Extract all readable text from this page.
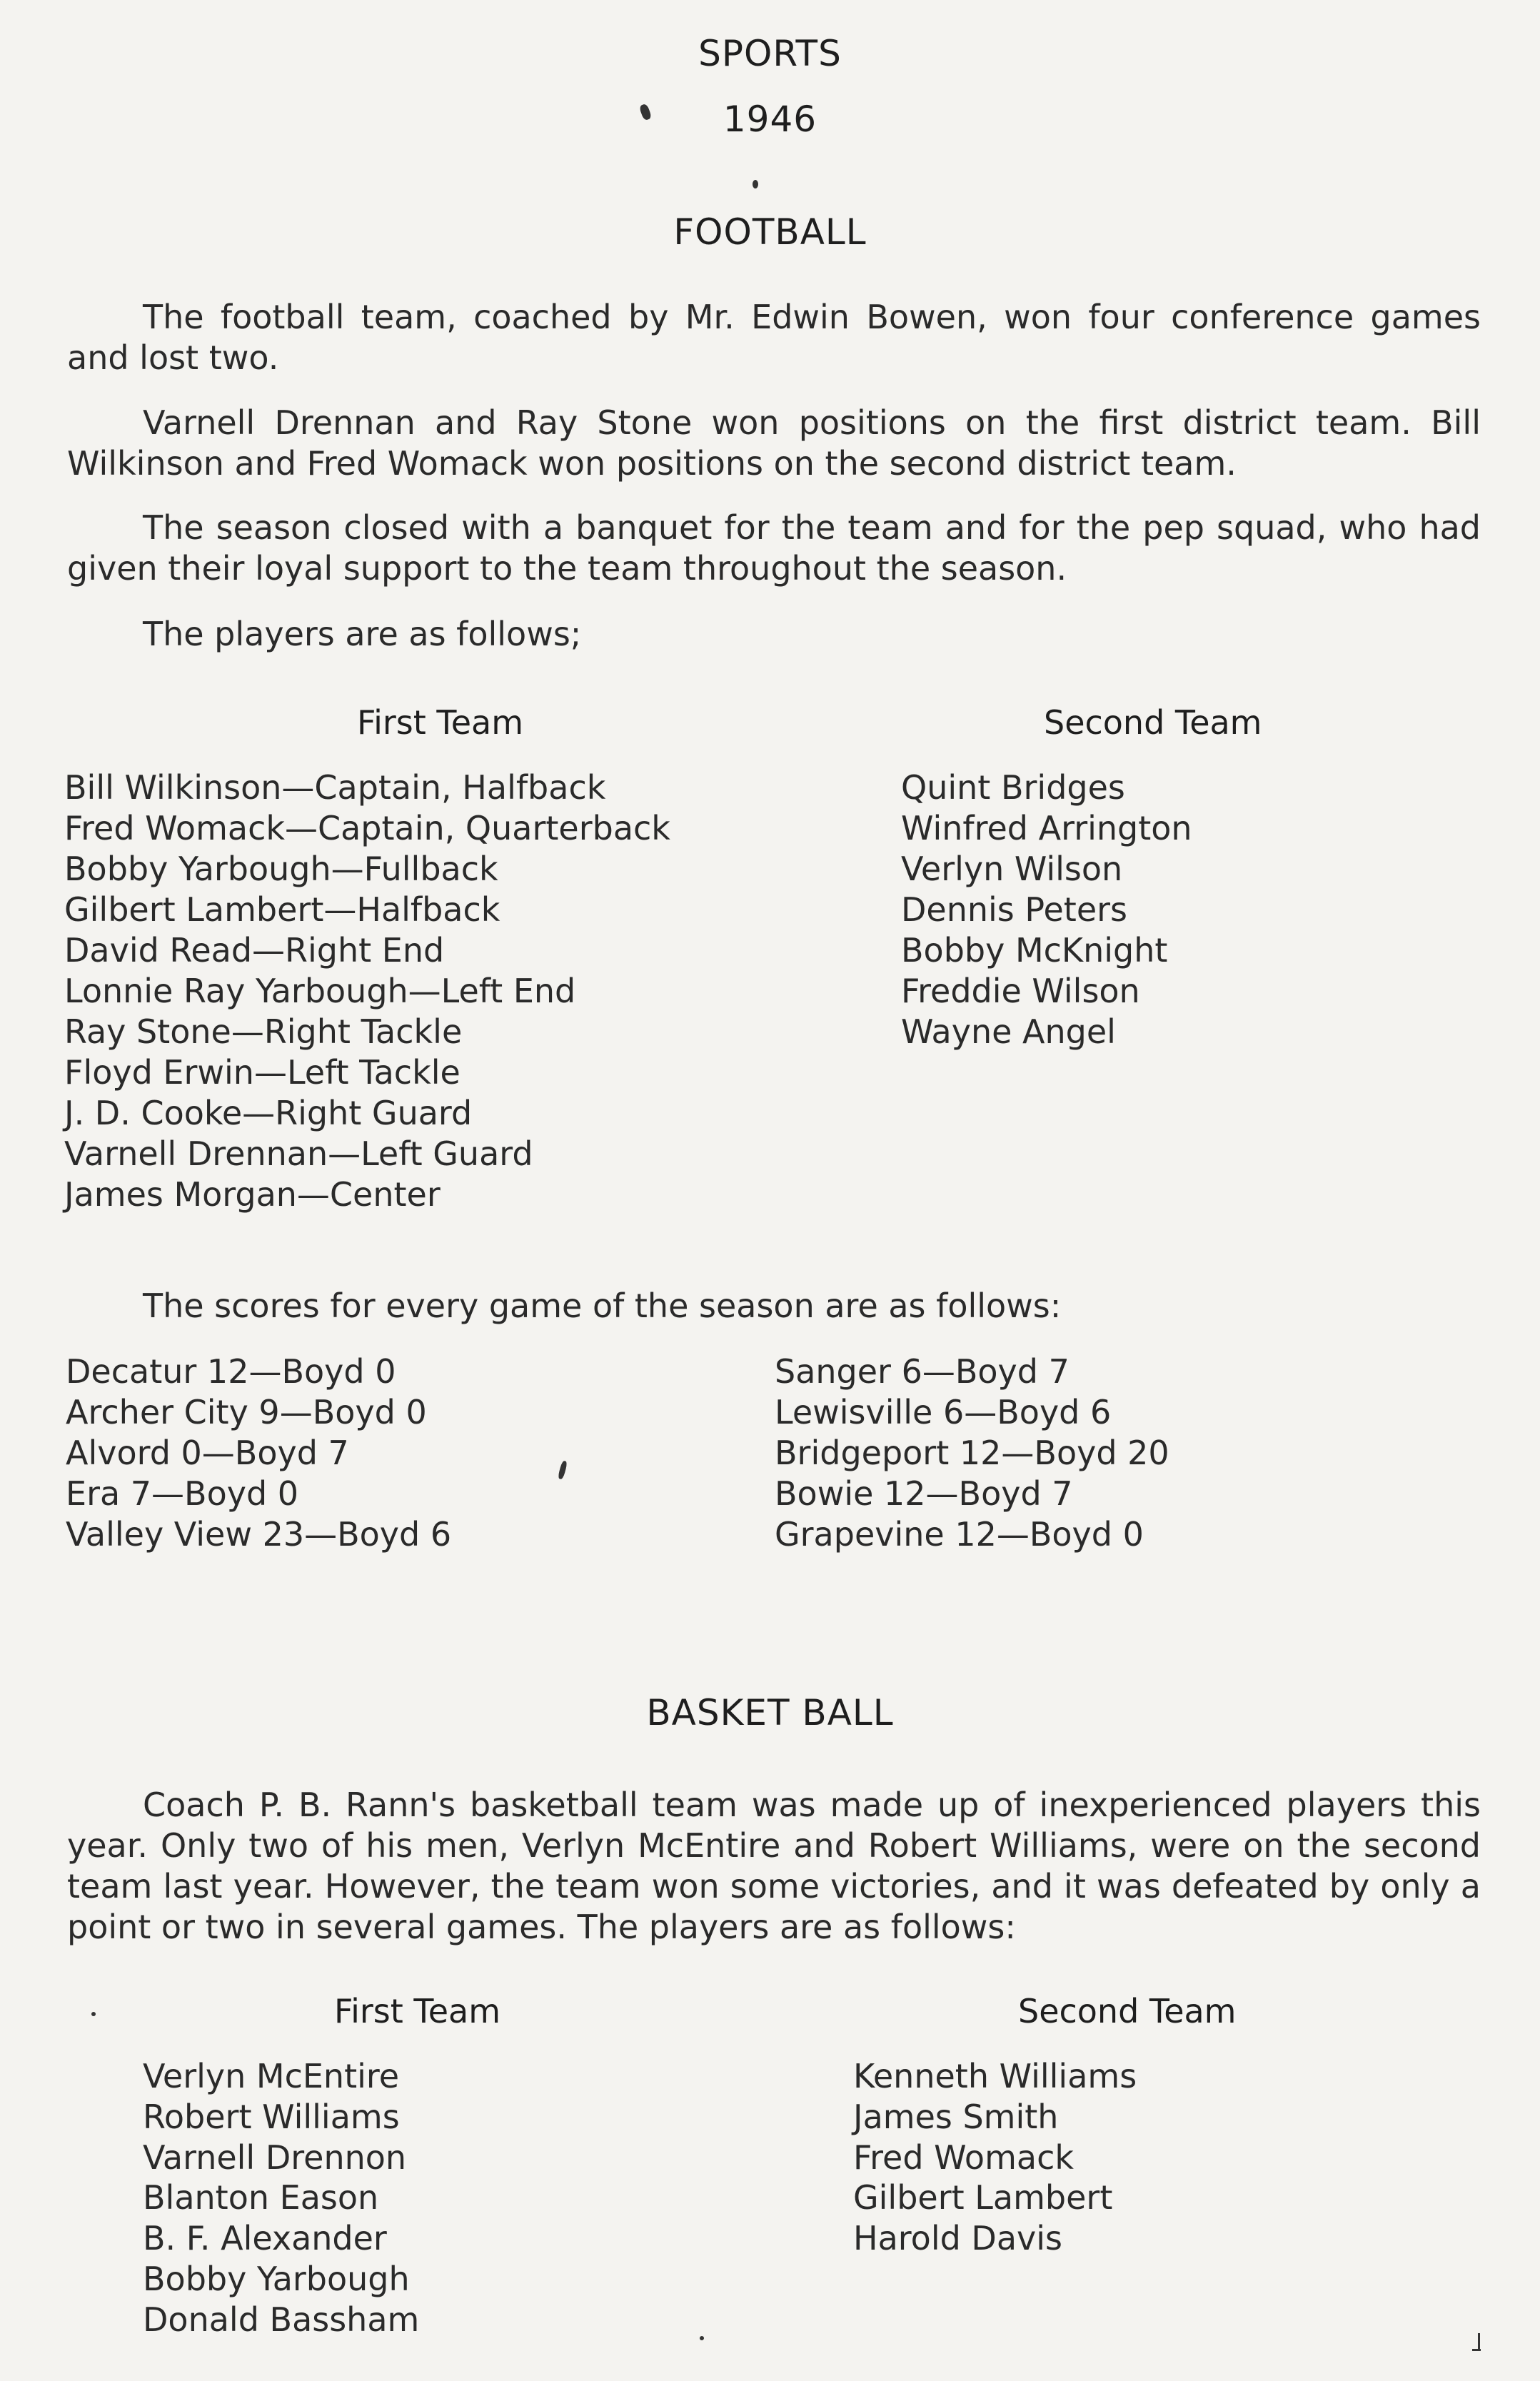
SPORTS
1946
FOOTBALL

The football team, coached by Mr. Edwin Bowen, won four conference games and lost two.

Varnell Drennan and Ray Stone won positions on the first district team. Bill Wilkinson and Fred Womack won positions on the second district team.

The season closed with a banquet for the team and for the pep squad, who had given their loyal support to the team throughout the season.

The players are as follows;

First Team	Second Team
Bill Wilkinson—Captain, Halfback
Fred Womack—Captain, Quarterback
Bobby Yarbough—Fullback
Gilbert Lambert—Halfback
David Read—Right End
Lonnie Ray Yarbough—Left End
Ray Stone—Right Tackle
Floyd Erwin—Left Tackle
J. D. Cooke—Right Guard
Varnell Drennan—Left Guard
James Morgan—Center
Quint Bridges
Winfred Arrington
Verlyn Wilson
Dennis Peters
Bobby McKnight
Freddie Wilson
Wayne Angel

The scores for every game of the season are as follows:

Decatur 12—Boyd 0
Archer City 9—Boyd 0
Alvord 0—Boyd 7
Era 7—Boyd 0
Valley View 23—Boyd 6
Sanger 6—Boyd 7
Lewisville 6—Boyd 6
Bridgeport 12—Boyd 20
Bowie 12—Boyd 7
Grapevine 12—Boyd 0
BASKET BALL

Coach P. B. Rann's basketball team was made up of inexperienced players this year. Only two of his men, Verlyn McEntire and Robert Williams, were on the second team last year. However, the team won some victories, and it was defeated by only a point or two in several games. The players are as follows:

First Team	Second Team
Verlyn McEntire
Robert Williams
Varnell Drennon
Blanton Eason
B. F. Alexander
Bobby Yarbough
Donald Bassham
Kenneth Williams
James Smith
Fred Womack
Gilbert Lambert
Harold Davis
